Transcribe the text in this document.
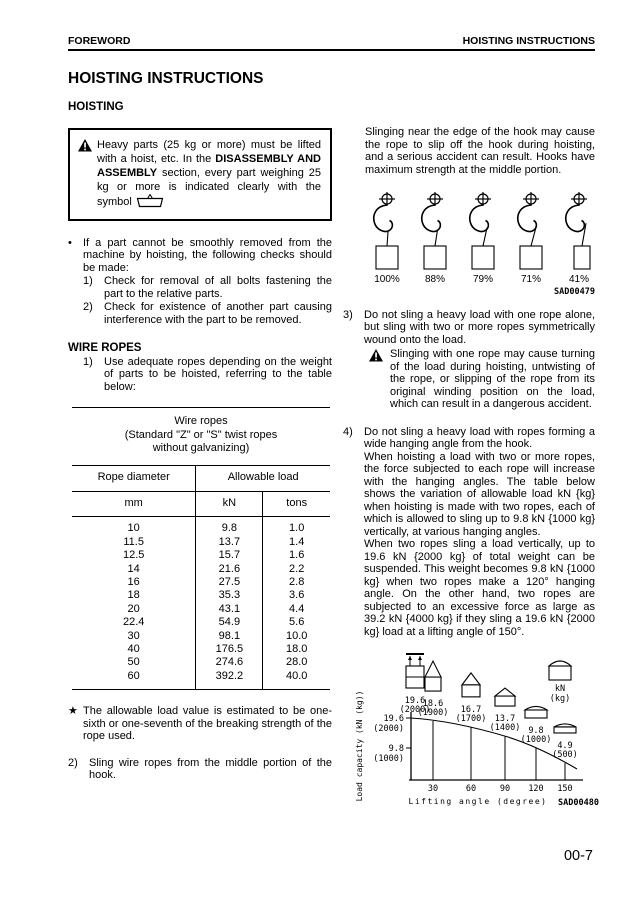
FOREWORD	HOISTING INSTRUCTIONS
HOISTING INSTRUCTIONS
HOISTING
Heavy parts (25 kg or more) must be lifted with a hoist, etc. In the DISASSEMBLY AND ASSEMBLY section, every part weighing 25 kg or more is indicated clearly with the symbol
•	If a part cannot be smoothly removed from the machine by hoisting, the following checks should be made:
1)	Check for removal of all bolts fastening the part to the relative parts.
2)	Check for existence of another part causing interference with the part to be removed.
WIRE ROPES
1)	Use adequate ropes depending on the weight of parts to be hoisted, referring to the table below:
Wire ropes
(Standard "Z" or "S" twist ropes
without galvanizing)
Rope diameter	Allowable load	
mm	kN	tons
10	9.8	1.0
11.5	13.7	1.4
12.5	15.7	1.6
14	21.6	2.2
16	27.5	2.8
18	35.3	3.6
20	43.1	4.4
22.4	54.9	5.6
30	98.1	10.0
40	176.5	18.0
50	274.6	28.0
60	392.2	40.0
★ The allowable load value is estimated to be one-sixth or one-seventh of the breaking strength of the rope used.
2)	Sling wire ropes from the middle portion of the hook.
Slinging near the edge of the hook may cause the rope to slip off the hook during hoisting, and a serious accident can result. Hooks have maximum strength at the middle portion.
100%	88%	79%	71%	41%
SAD00479
3)	Do not sling a heavy load with one rope alone, but sling with two or more ropes symmetrically wound onto the load.
Slinging with one rope may cause turning of the load during hoisting, untwisting of the rope, or slipping of the rope from its original winding position on the load, which can result in a dangerous accident.
4)	Do not sling a heavy load with ropes forming a wide hanging angle from the hook.
When hoisting a load with two or more ropes, the force subjected to each rope will increase with the hanging angles. The table below shows the variation of allowable load kN {kg} when hoisting is made with two ropes, each of which is allowed to sling up to 9.8 kN {1000 kg} vertically, at various hanging angles.
When two ropes sling a load vertically, up to 19.6 kN {2000 kg} of total weight can be suspended. This weight becomes 9.8 kN {1000 kg} when two ropes make a 120° hanging angle. On the other hand, two ropes are subjected to an excessive force as large as 39.2 kN {4000 kg} if they sling a 19.6 kN {2000 kg} load at a lifting angle of 150°.
19.6
(2000)
9.8
(1000)
Load capacity (kN (kg))	30	60	90 120 150
Lifting angle (degree) SAD00480
19.6
(2000)
18.6
(1900) 16.7
(1700) 13.7
(1400) 9.8
(1000)
4.9
(500)
kN
(kg)
00-7
